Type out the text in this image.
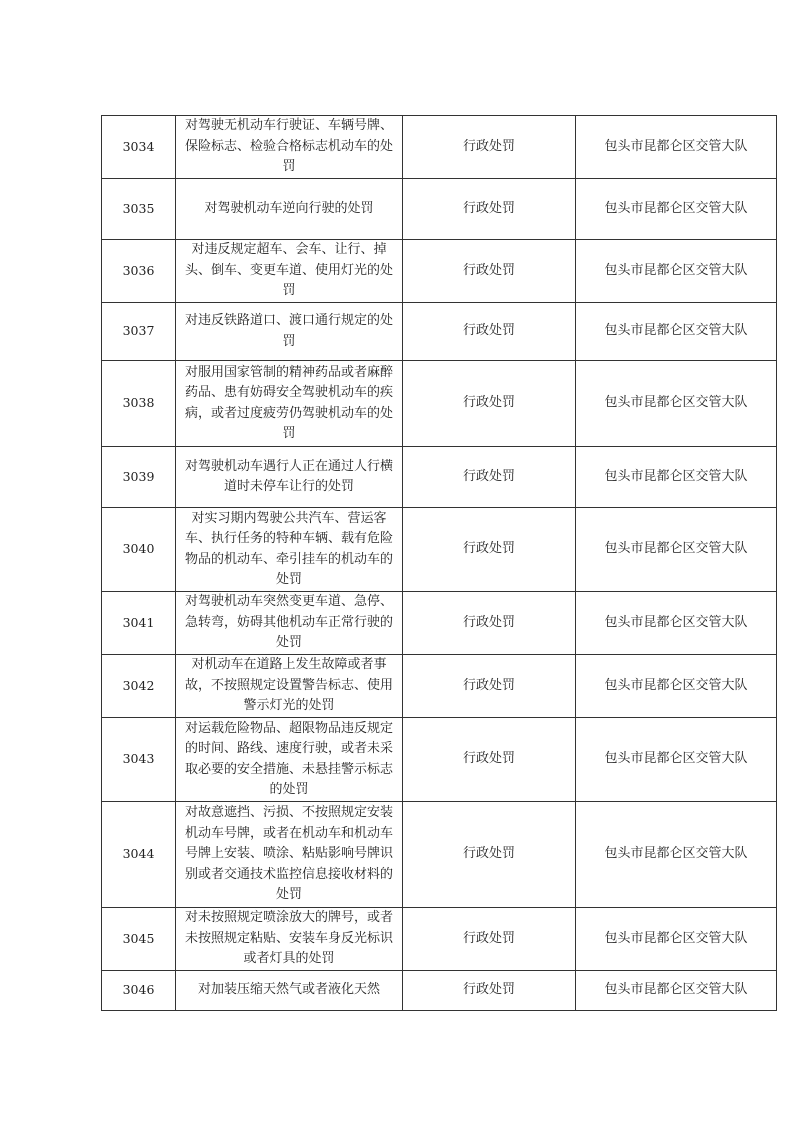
3034	对驾驶无机动车行驶证、车辆号牌、保险标志、检验合格标志机动车的处罚	行政处罚	包头市昆都仑区交管大队
3035	对驾驶机动车逆向行驶的处罚	行政处罚	包头市昆都仑区交管大队
3036	对违反规定超车、会车、让行、掉头、倒车、变更车道、使用灯光的处罚	行政处罚	包头市昆都仑区交管大队
3037	对违反铁路道口、渡口通行规定的处罚	行政处罚	包头市昆都仑区交管大队
3038	对服用国家管制的精神药品或者麻醉药品、患有妨碍安全驾驶机动车的疾病，或者过度疲劳仍驾驶机动车的处罚	行政处罚	包头市昆都仑区交管大队
3039	对驾驶机动车遇行人正在通过人行横道时未停车让行的处罚	行政处罚	包头市昆都仑区交管大队
3040	对实习期内驾驶公共汽车、营运客车、执行任务的特种车辆、载有危险物品的机动车、牵引挂车的机动车的处罚	行政处罚	包头市昆都仑区交管大队
3041	对驾驶机动车突然变更车道、急停、急转弯，妨碍其他机动车正常行驶的处罚	行政处罚	包头市昆都仑区交管大队
3042	对机动车在道路上发生故障或者事故，不按照规定设置警告标志、使用警示灯光的处罚	行政处罚	包头市昆都仑区交管大队
3043	对运载危险物品、超限物品违反规定的时间、路线、速度行驶，或者未采取必要的安全措施、未悬挂警示标志的处罚	行政处罚	包头市昆都仑区交管大队
3044	对故意遮挡、污损、不按照规定安装机动车号牌，或者在机动车和机动车号牌上安装、喷涂、粘贴影响号牌识别或者交通技术监控信息接收材料的处罚	行政处罚	包头市昆都仑区交管大队
3045	对未按照规定喷涂放大的牌号，或者未按照规定粘贴、安装车身反光标识或者灯具的处罚	行政处罚	包头市昆都仑区交管大队
3046	对加装压缩天然气或者液化天然	行政处罚	包头市昆都仑区交管大队
